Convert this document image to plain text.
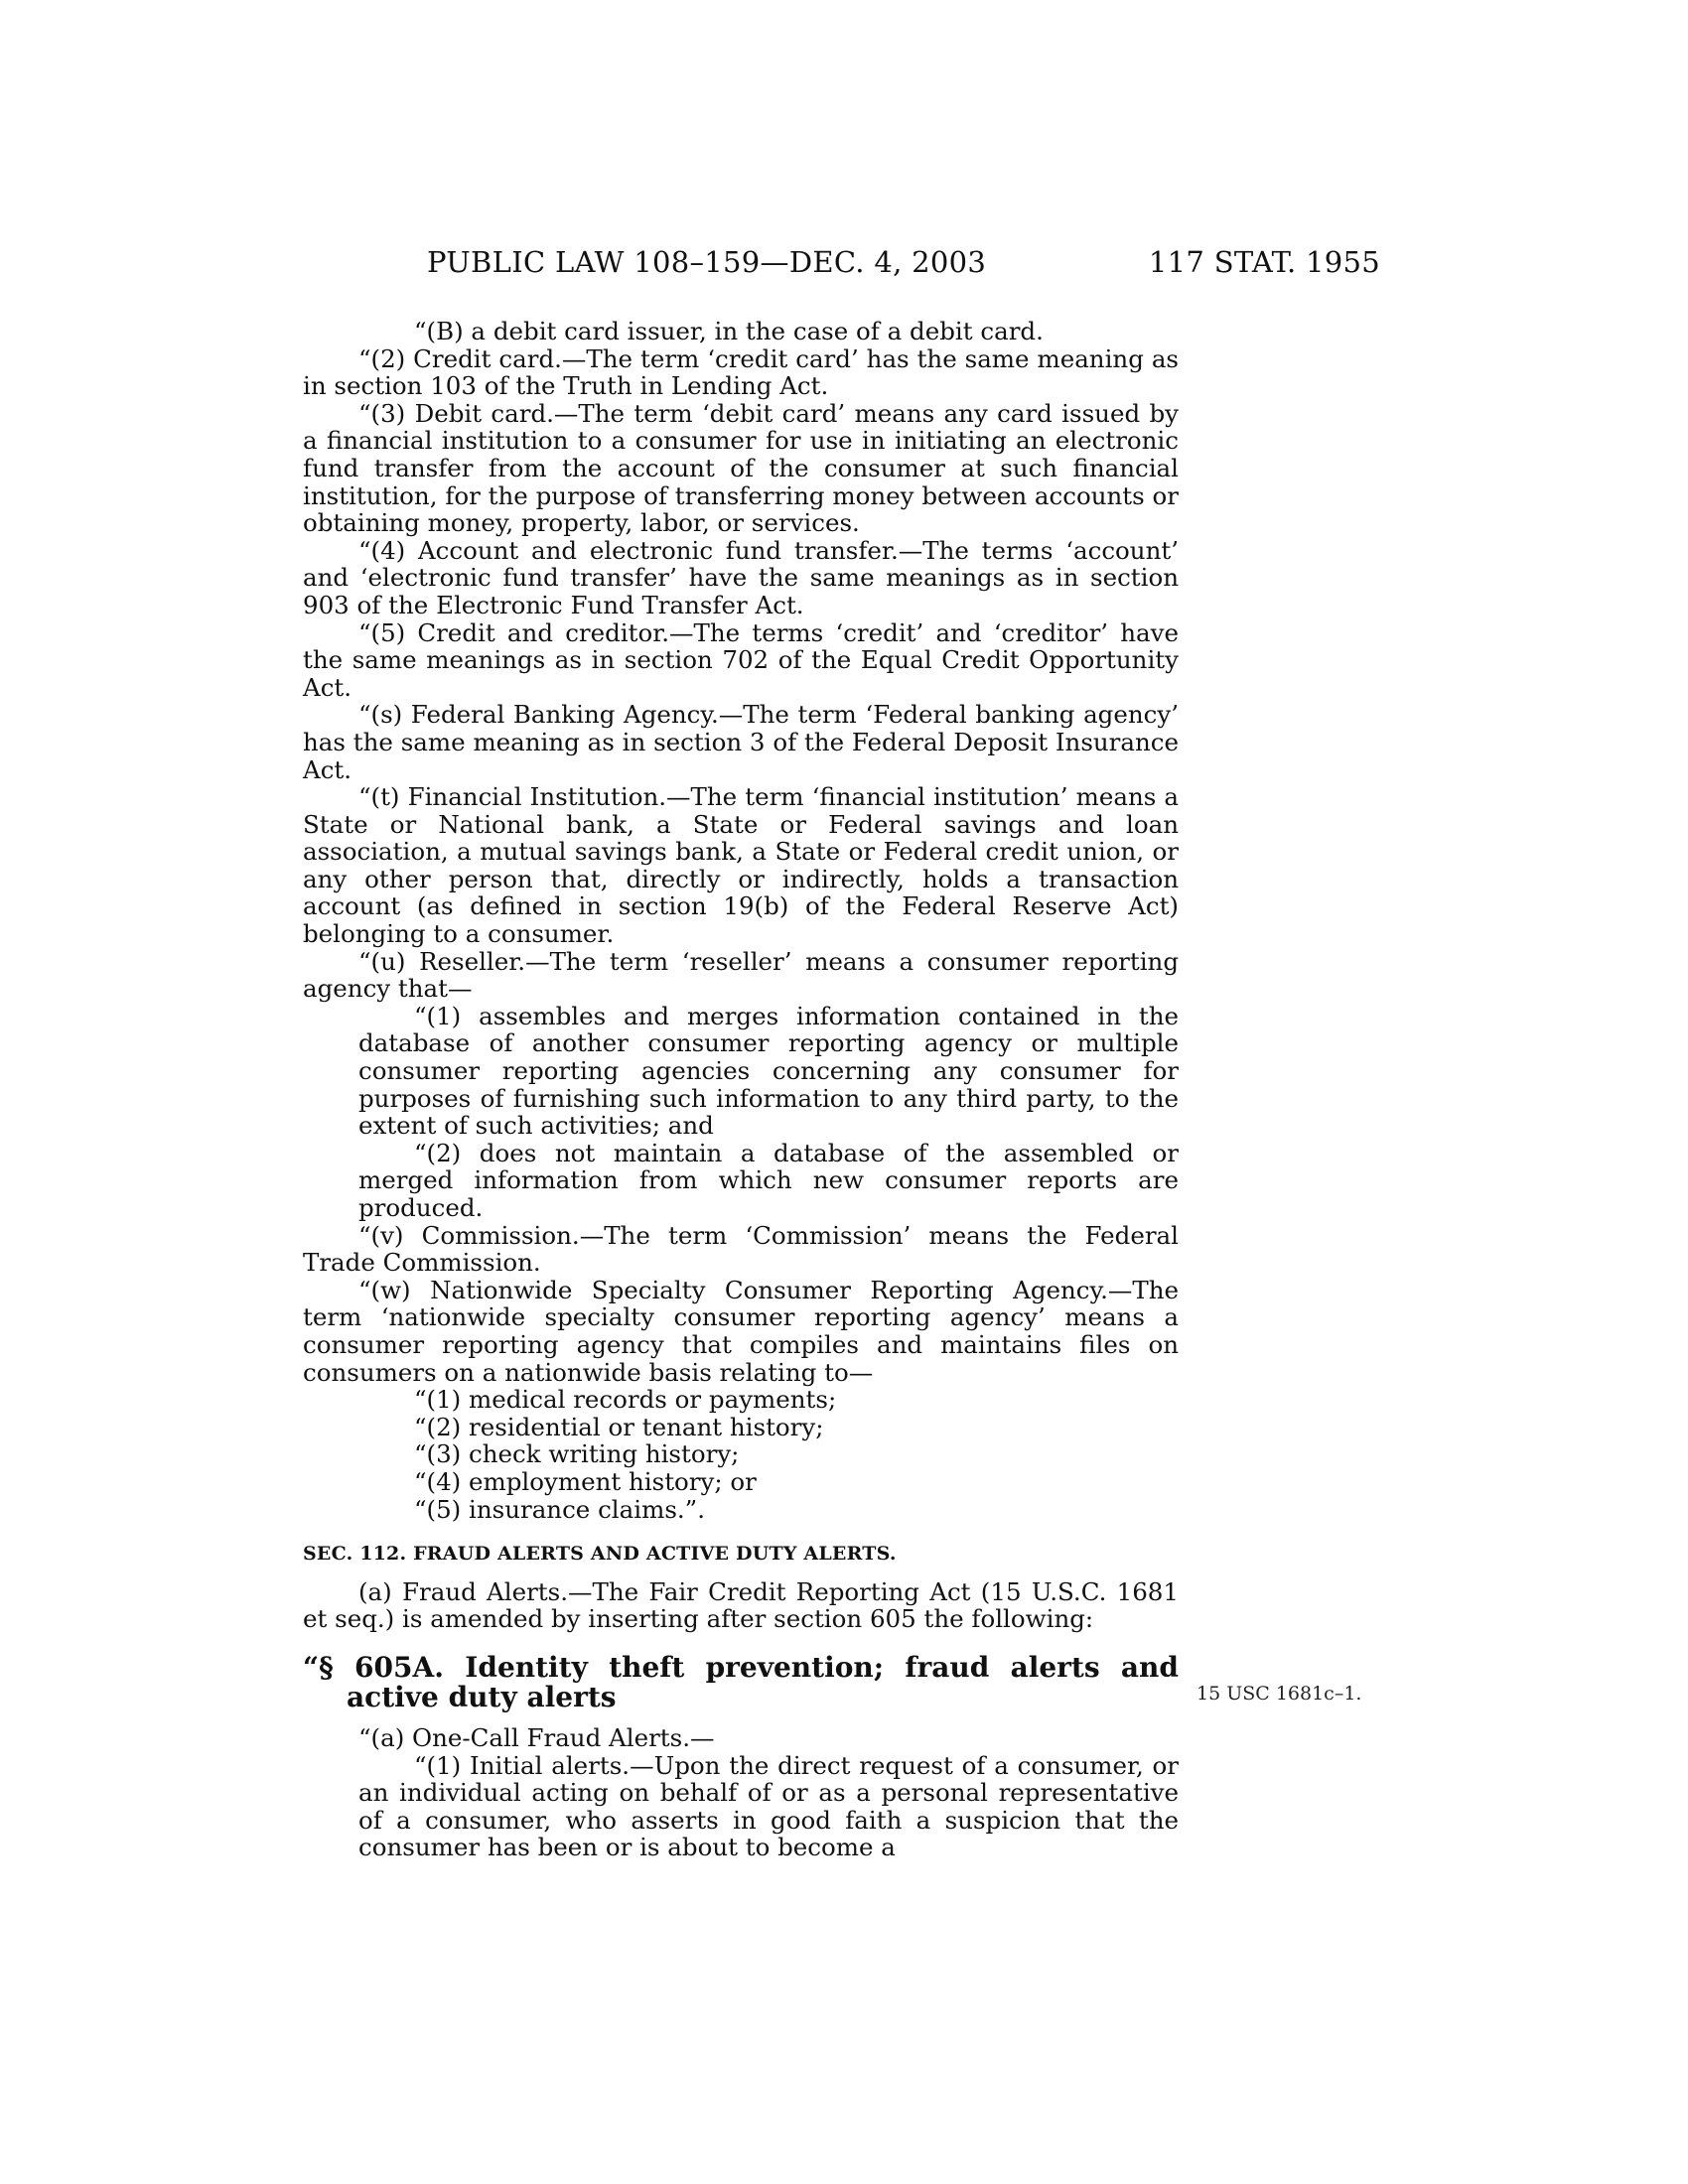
PUBLIC LAW 108–159—DEC. 4, 2003	117 STAT. 1955

“(B) a debit card issuer, in the case of a debit card.

“(2) Credit card.—The term ‘credit card’ has the same meaning as in section 103 of the Truth in Lending Act.

“(3) Debit card.—The term ‘debit card’ means any card issued by a financial institution to a consumer for use in initiating an electronic fund transfer from the account of the consumer at such financial institution, for the purpose of transferring money between accounts or obtaining money, property, labor, or services.

“(4) Account and electronic fund transfer.—The terms ‘account’ and ‘electronic fund transfer’ have the same meanings as in section 903 of the Electronic Fund Transfer Act.

“(5) Credit and creditor.—The terms ‘credit’ and ‘creditor’ have the same meanings as in section 702 of the Equal Credit Opportunity Act.

“(s) Federal Banking Agency.—The term ‘Federal banking agency’ has the same meaning as in section 3 of the Federal Deposit Insurance Act.

“(t) Financial Institution.—The term ‘financial institution’ means a State or National bank, a State or Federal savings and loan association, a mutual savings bank, a State or Federal credit union, or any other person that, directly or indirectly, holds a transaction account (as defined in section 19(b) of the Federal Reserve Act) belonging to a consumer.

“(u) Reseller.—The term ‘reseller’ means a consumer reporting agency that—

“(1) assembles and merges information contained in the database of another consumer reporting agency or multiple consumer reporting agencies concerning any consumer for purposes of furnishing such information to any third party, to the extent of such activities; and

“(2) does not maintain a database of the assembled or merged information from which new consumer reports are produced.

“(v) Commission.—The term ‘Commission’ means the Federal Trade Commission.

“(w) Nationwide Specialty Consumer Reporting Agency.—The term ‘nationwide specialty consumer reporting agency’ means a consumer reporting agency that compiles and maintains files on consumers on a nationwide basis relating to—

“(1) medical records or payments;

“(2) residential or tenant history;

“(3) check writing history;

“(4) employment history; or

“(5) insurance claims.”.

SEC. 112. FRAUD ALERTS AND ACTIVE DUTY ALERTS.

(a) Fraud Alerts.—The Fair Credit Reporting Act (15 U.S.C. 1681 et seq.) is amended by inserting after section 605 the following:

“§ 605A. Identity theft prevention; fraud alerts and active duty alerts

“(a) One-Call Fraud Alerts.—

“(1) Initial alerts.—Upon the direct request of a consumer, or an individual acting on behalf of or as a personal representative of a consumer, who asserts in good faith a suspicion that the consumer has been or is about to become a

15 USC 1681c–1.
